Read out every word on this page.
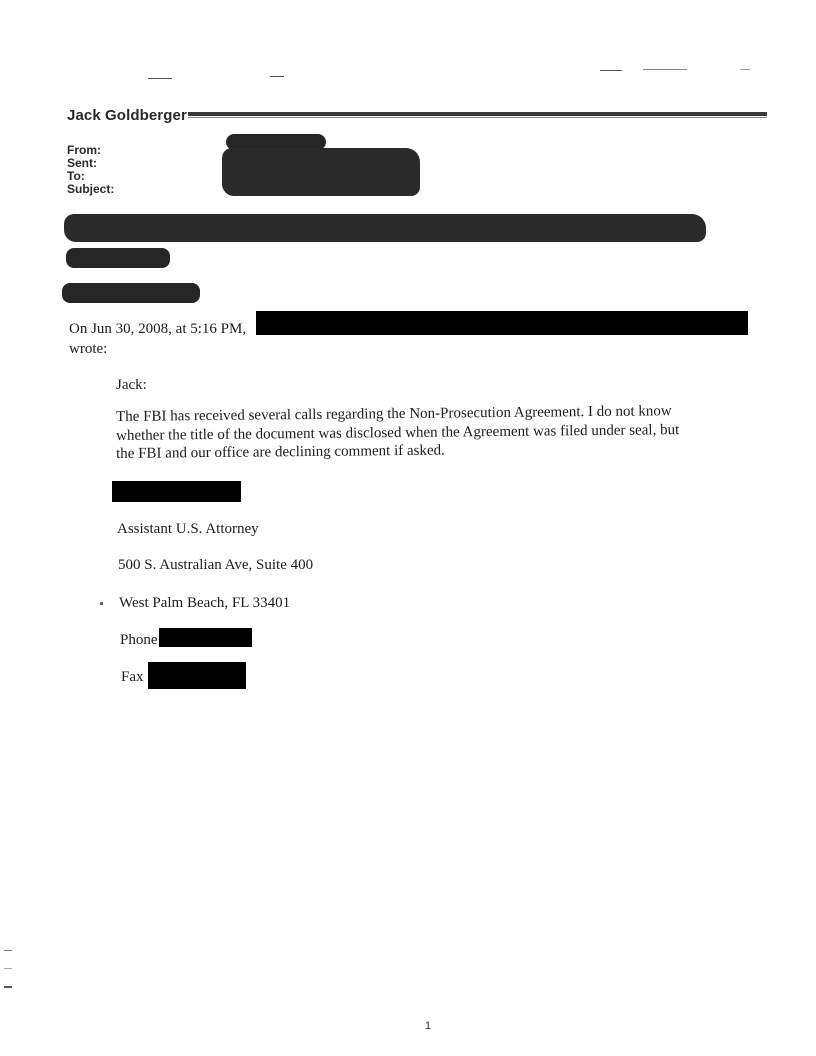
Jack Goldberger
From:
Sent:
To:
Subject:
On Jun 30, 2008, at 5:16 PM,
wrote:
Jack:
The FBI has received several calls regarding the Non-Prosecution Agreement. I do not know
whether the title of the document was disclosed when the Agreement was filed under seal, but
the FBI and our office are declining comment if asked.
Assistant U.S. Attorney
500 S. Australian Ave, Suite 400
West Palm Beach, FL 33401
Phone
Fax
1
